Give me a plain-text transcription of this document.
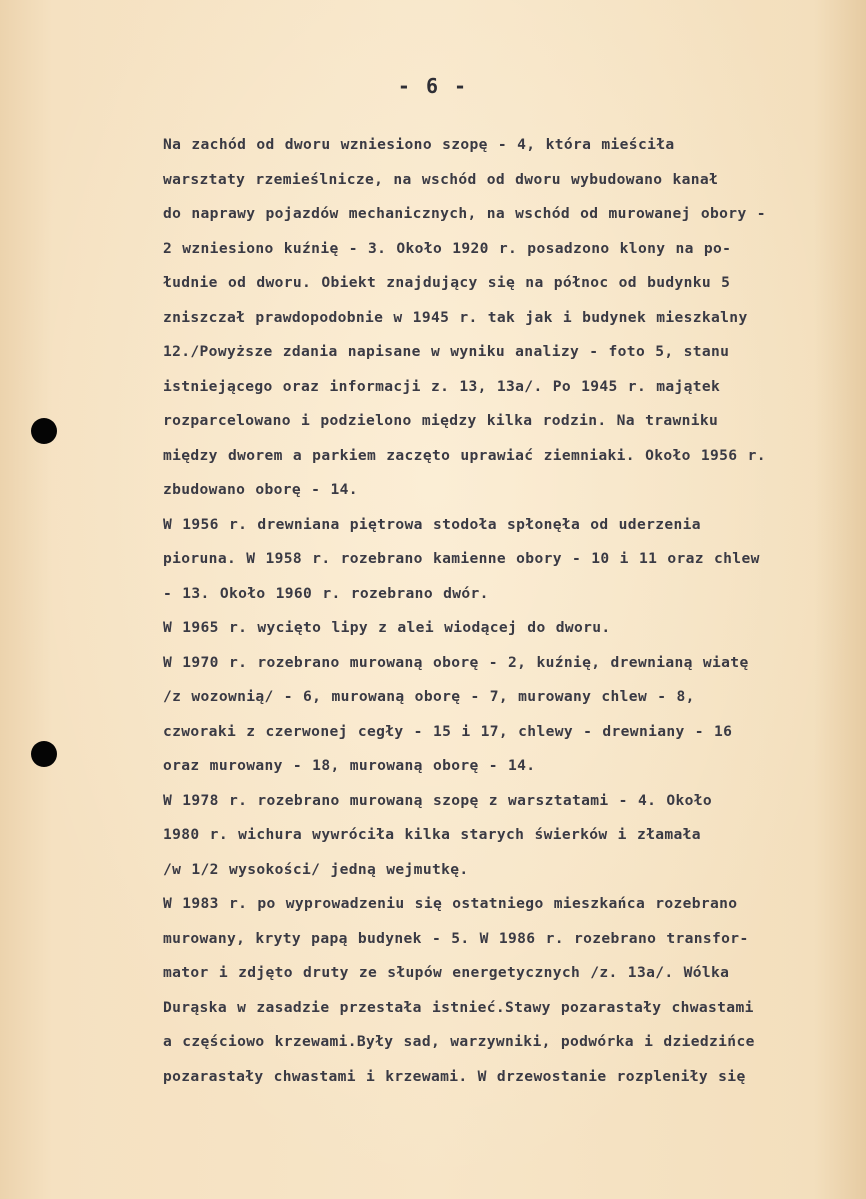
- 6 -
Na zachód od dworu wzniesiono szopę - 4, która mieściła
warsztaty rzemieślnicze, na wschód od dworu wybudowano kanał
do naprawy pojazdów mechanicznych, na wschód od murowanej obory -
2 wzniesiono kuźnię - 3. Około 1920 r. posadzono klony na po-
łudnie od dworu. Obiekt znajdujący się na północ od budynku 5
zniszczał prawdopodobnie w 1945 r. tak jak i budynek mieszkalny
12./Powyższe zdania napisane w wyniku analizy - foto 5, stanu
istniejącego oraz informacji z. 13, 13a/. Po 1945 r. majątek
rozparcelowano i podzielono między kilka rodzin. Na trawniku
między dworem a parkiem zaczęto uprawiać ziemniaki. Około 1956 r.
zbudowano oborę - 14.
W 1956 r. drewniana piętrowa stodoła spłonęła od uderzenia
pioruna. W 1958 r. rozebrano kamienne obory - 10 i 11 oraz chlew
- 13. Około 1960 r. rozebrano dwór.
W 1965 r. wycięto lipy z alei wiodącej do dworu.
W 1970 r. rozebrano murowaną oborę - 2, kuźnię, drewnianą wiatę
/z wozownią/ - 6, murowaną oborę - 7, murowany chlew - 8,
czworaki z czerwonej cegły - 15 i 17, chlewy - drewniany - 16
oraz murowany - 18, murowaną oborę - 14.
W 1978 r. rozebrano murowaną szopę z warsztatami - 4. Około
1980 r. wichura wywróciła kilka starych świerków i złamała
/w 1/2 wysokości/ jedną wejmutkę.
W 1983 r. po wyprowadzeniu się ostatniego mieszkańca rozebrano
murowany, kryty papą budynek - 5. W 1986 r. rozebrano transfor-
mator i zdjęto druty ze słupów energetycznych /z. 13a/. Wólka
Durąska w zasadzie przestała istnieć.Stawy pozarastały chwastami
a częściowo krzewami.Były sad, warzywniki, podwórka i dziedzińce
pozarastały chwastami i krzewami. W drzewostanie rozpleniły się
